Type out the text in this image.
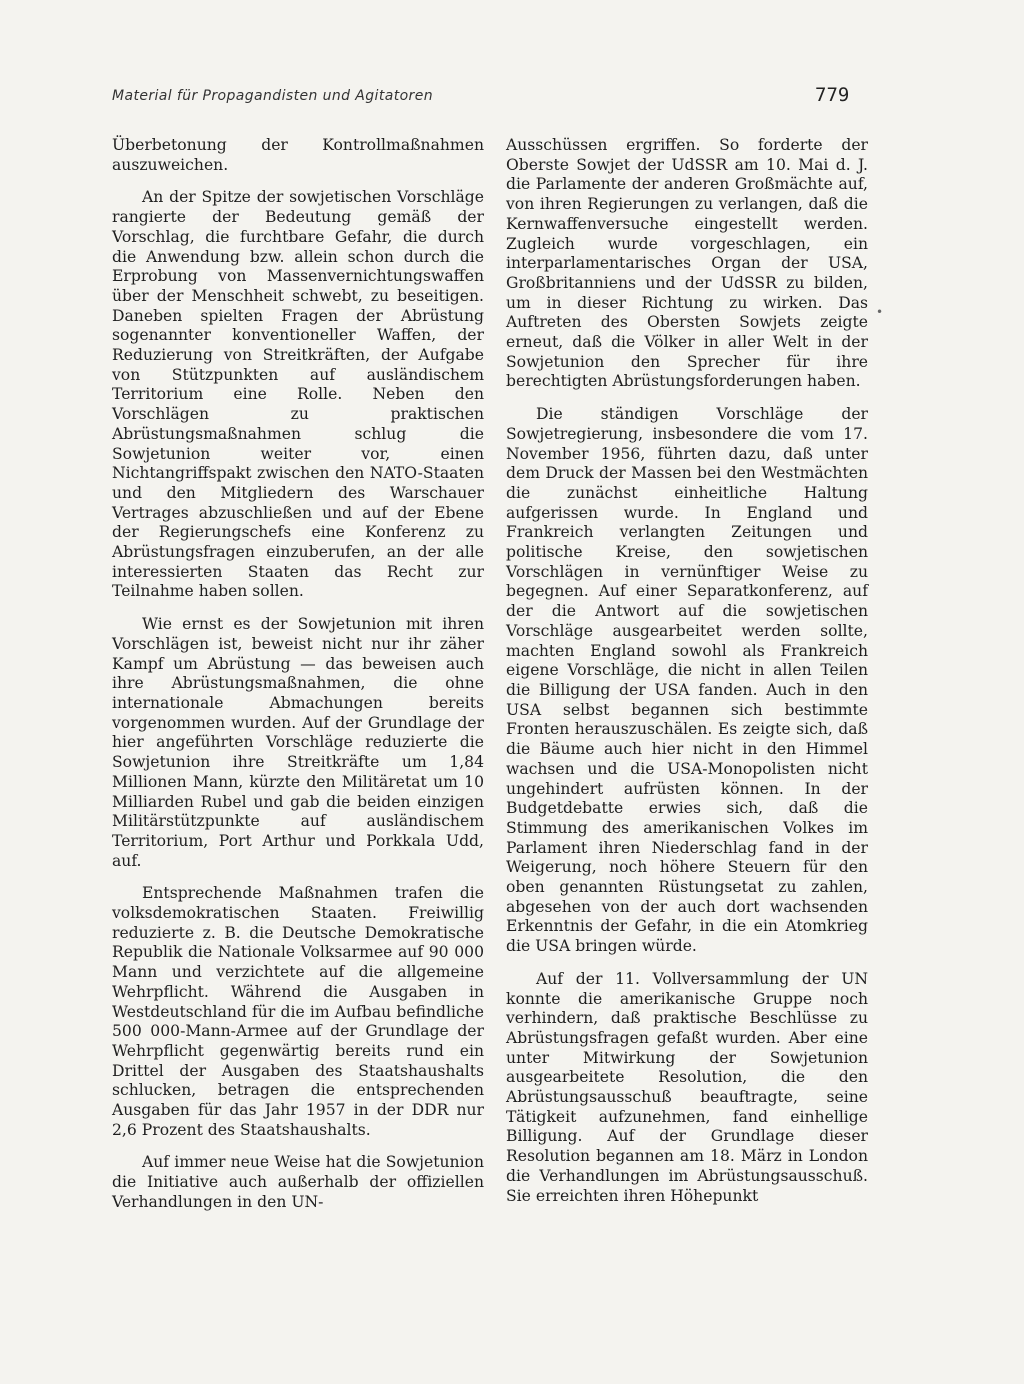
Material für Propagandisten und Agitatoren	779

Überbetonung der Kontrollmaßnahmen auszuweichen.

An der Spitze der sowjetischen Vorschläge rangierte der Bedeutung gemäß der Vorschlag, die furchtbare Gefahr, die durch die Anwendung bzw. allein schon durch die Erprobung von Massenvernichtungswaffen über der Menschheit schwebt, zu beseitigen. Daneben spielten Fragen der Abrüstung sogenannter konventioneller Waffen, der Reduzierung von Streitkräften, der Aufgabe von Stützpunkten auf ausländischem Territorium eine Rolle. Neben den Vorschlägen zu praktischen Abrüstungsmaßnahmen schlug die Sowjetunion weiter vor, einen Nichtangriffspakt zwischen den NATO-Staaten und den Mitgliedern des Warschauer Vertrages abzuschließen und auf der Ebene der Regierungschefs eine Konferenz zu Abrüstungsfragen einzuberufen, an der alle interessierten Staaten das Recht zur Teilnahme haben sollen.

Wie ernst es der Sowjetunion mit ihren Vorschlägen ist, beweist nicht nur ihr zäher Kampf um Abrüstung — das beweisen auch ihre Abrüstungsmaßnahmen, die ohne internationale Abmachungen bereits vorgenommen wurden. Auf der Grundlage der hier angeführten Vorschläge reduzierte die Sowjetunion ihre Streitkräfte um 1,84 Millionen Mann, kürzte den Militäretat um 10 Milliarden Rubel und gab die beiden einzigen Militärstützpunkte auf ausländischem Territorium, Port Arthur und Porkkala Udd, auf.

Entsprechende Maßnahmen trafen die volksdemokratischen Staaten. Freiwillig reduzierte z. B. die Deutsche Demokratische Republik die Nationale Volksarmee auf 90 000 Mann und verzichtete auf die allgemeine Wehrpflicht. Während die Ausgaben in Westdeutschland für die im Aufbau befindliche 500 000-Mann-Armee auf der Grundlage der Wehrpflicht gegenwärtig bereits rund ein Drittel der Ausgaben des Staatshaushalts schlucken, betragen die entsprechenden Ausgaben für das Jahr 1957 in der DDR nur 2,6 Prozent des Staatshaushalts.

Auf immer neue Weise hat die Sowjetunion die Initiative auch außerhalb der offiziellen Verhandlungen in den UN-

Ausschüssen ergriffen. So forderte der Oberste Sowjet der UdSSR am 10. Mai d. J. die Parlamente der anderen Großmächte auf, von ihren Regierungen zu verlangen, daß die Kernwaffenversuche eingestellt werden. Zugleich wurde vorgeschlagen, ein interparlamentarisches Organ der USA, Großbritanniens und der UdSSR zu bilden, um in dieser Richtung zu wirken. Das Auftreten des Obersten Sowjets zeigte erneut, daß die Völker in aller Welt in der Sowjetunion den Sprecher für ihre berechtigten Abrüstungsforderungen haben.

Die ständigen Vorschläge der Sowjetregierung, insbesondere die vom 17. November 1956, führten dazu, daß unter dem Druck der Massen bei den Westmächten die zunächst einheitliche Haltung aufgerissen wurde. In England und Frankreich verlangten Zeitungen und politische Kreise, den sowjetischen Vorschlägen in vernünftiger Weise zu begegnen. Auf einer Separatkonferenz, auf der die Antwort auf die sowjetischen Vorschläge ausgearbeitet werden sollte, machten England sowohl als Frankreich eigene Vorschläge, die nicht in allen Teilen die Billigung der USA fanden. Auch in den USA selbst begannen sich bestimmte Fronten herauszuschälen. Es zeigte sich, daß die Bäume auch hier nicht in den Himmel wachsen und die USA-Monopolisten nicht ungehindert aufrüsten können. In der Budgetdebatte erwies sich, daß die Stimmung des amerikanischen Volkes im Parlament ihren Niederschlag fand in der Weigerung, noch höhere Steuern für den oben genannten Rüstungsetat zu zahlen, abgesehen von der auch dort wachsenden Erkenntnis der Gefahr, in die ein Atomkrieg die USA bringen würde.

Auf der 11. Vollversammlung der UN konnte die amerikanische Gruppe noch verhindern, daß praktische Beschlüsse zu Abrüstungsfragen gefaßt wurden. Aber eine unter Mitwirkung der Sowjetunion ausgearbeitete Resolution, die den Abrüstungsausschuß beauftragte, seine Tätigkeit aufzunehmen, fand einhellige Billigung. Auf der Grundlage dieser Resolution begannen am 18. März in London die Verhandlungen im Abrüstungsausschuß. Sie erreichten ihren Höhepunkt

•
